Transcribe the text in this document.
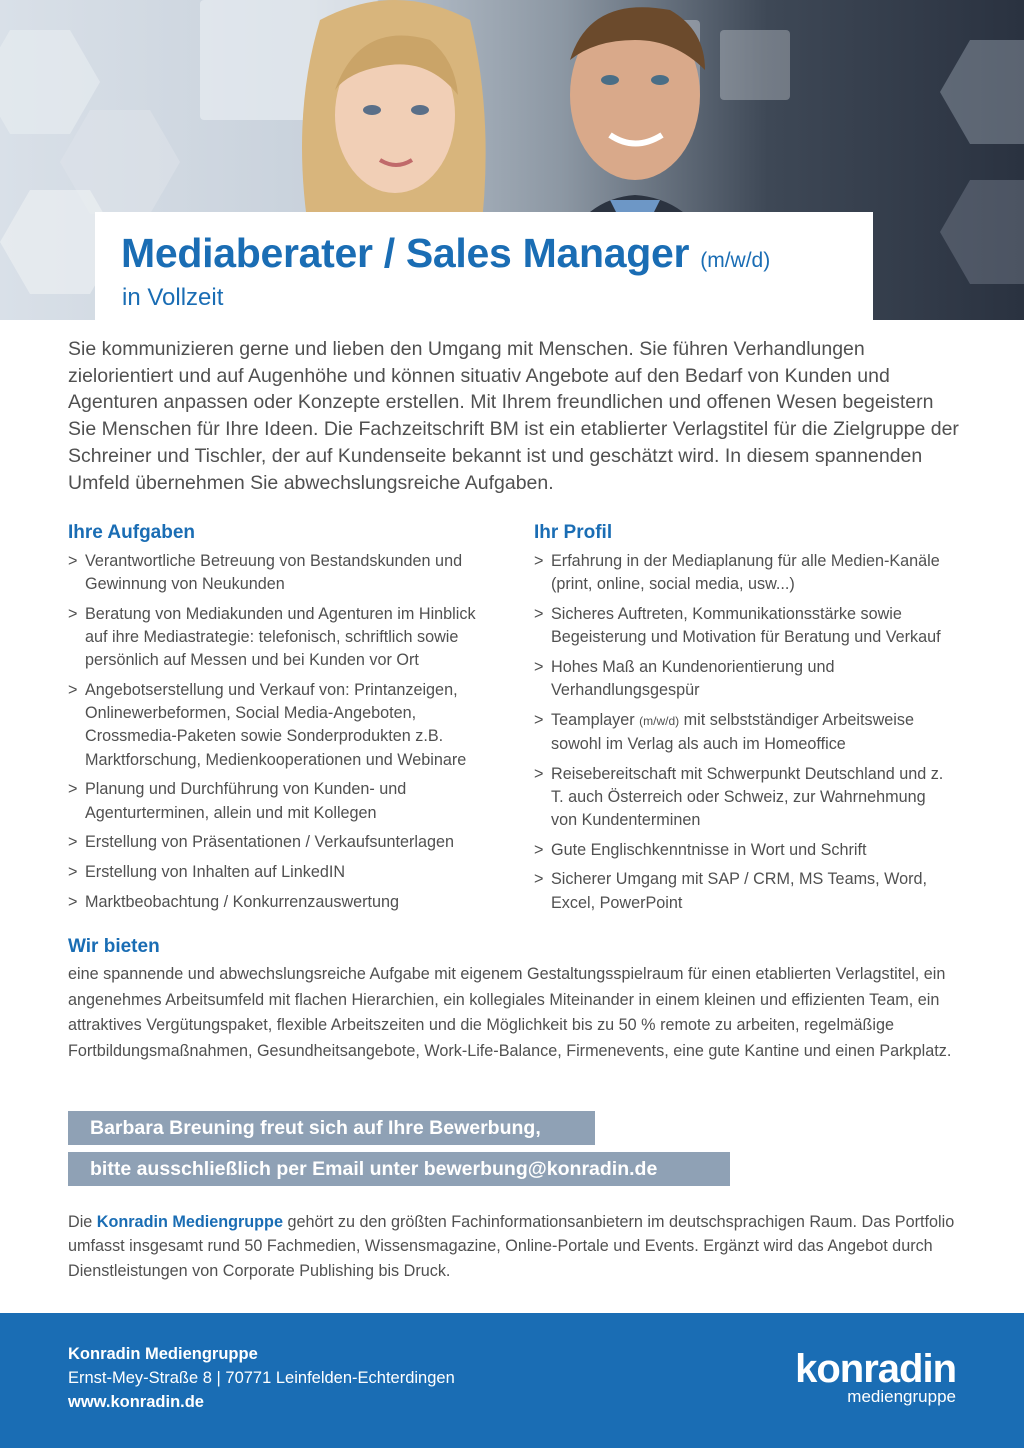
Mediaberater / Sales Manager (m/w/d)
in Vollzeit

Sie kommunizieren gerne und lieben den Umgang mit Menschen. Sie führen Verhandlungen zielorientiert und auf Augenhöhe und können situativ Angebote auf den Bedarf von Kunden und Agenturen anpassen oder Konzepte erstellen. Mit Ihrem freundlichen und offenen Wesen begeistern Sie Menschen für Ihre Ideen. Die Fachzeitschrift BM ist ein etablierter Verlagstitel für die Zielgruppe der Schreiner und Tischler, der auf Kundenseite bekannt ist und geschätzt wird. In diesem spannenden Umfeld übernehmen Sie abwechslungsreiche Aufgaben.

Ihre Aufgaben
> Verantwortliche Betreuung von Bestandskunden und Gewinnung von Neukunden
> Beratung von Mediakunden und Agenturen im Hinblick auf ihre Mediastrategie: telefonisch, schriftlich sowie persönlich auf Messen und bei Kunden vor Ort
> Angebotserstellung und Verkauf von: Printanzeigen, Onlinewerbeformen, Social Media-Angeboten, Crossmedia-Paketen sowie Sonderprodukten z.B. Marktforschung, Medienkooperationen und Webinare
> Planung und Durchführung von Kunden- und Agenturterminen, allein und mit Kollegen
> Erstellung von Präsentationen / Verkaufsunterlagen
> Erstellung von Inhalten auf LinkedIN
> Marktbeobachtung / Konkurrenzauswertung
Ihr Profil
> Erfahrung in der Mediaplanung für alle Medien-Kanäle (print, online, social media, usw...)
> Sicheres Auftreten, Kommunikationsstärke sowie Begeisterung und Motivation für Beratung und Verkauf
> Hohes Maß an Kundenorientierung und Verhandlungsgespür
> Teamplayer (m/w/d) mit selbstständiger Arbeitsweise sowohl im Verlag als auch im Homeoffice
> Reisebereitschaft mit Schwerpunkt Deutschland und z. T. auch Österreich oder Schweiz, zur Wahrnehmung von Kundenterminen
> Gute Englischkenntnisse in Wort und Schrift
> Sicherer Umgang mit SAP / CRM, MS Teams, Word, Excel, PowerPoint
Wir bieten

eine spannende und abwechslungsreiche Aufgabe mit eigenem Gestaltungsspielraum für einen etablierten Verlagstitel, ein angenehmes Arbeitsumfeld mit flachen Hierarchien, ein kollegiales Miteinander in einem kleinen und effizienten Team, ein attraktives Vergütungspaket, flexible Arbeitszeiten und die Möglichkeit bis zu 50 % remote zu arbeiten, regelmäßige Fortbildungsmaßnahmen, Gesundheitsangebote, Work-Life-Balance, Firmenevents, eine gute Kantine und einen Parkplatz.

Barbara Breuning freut sich auf Ihre Bewerbung,
bitte ausschließlich per Email unter bewerbung@konradin.de

Die Konradin Mediengruppe gehört zu den größten Fachinformationsanbietern im deutschsprachigen Raum. Das Portfolio umfasst insgesamt rund 50 Fachmedien, Wissensmagazine, Online-Portale und Events. Ergänzt wird das Angebot durch Dienstleistungen von Corporate Publishing bis Druck.

Konradin Mediengruppe
Ernst-Mey-Straße 8 | 70771 Leinfelden-Echterdingen
www.konradin.de
konradin
mediengruppe
